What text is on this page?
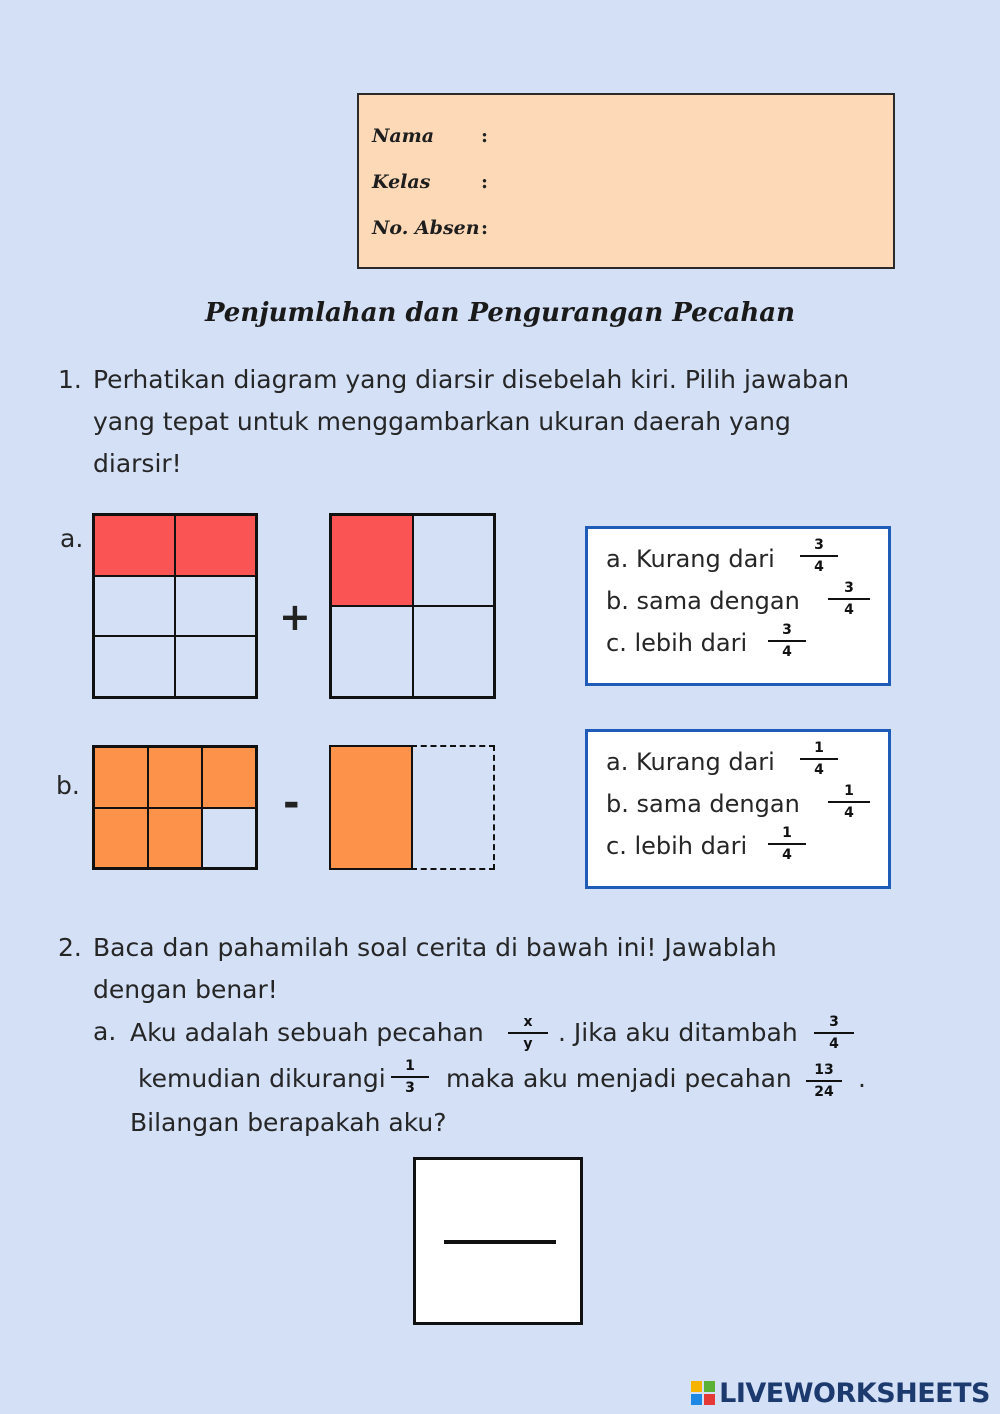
Nama :
Kelas	:
No. Absen :
Penjumlahan dan Pengurangan Pecahan
1. Perhatikan diagram yang diarsir disebelah kiri. Pilih jawaban
yang tepat untuk menggambarkan ukuran daerah yang
diarsir!
a.
+
a. Kurang dari	3
4
b. sama dengan	3
4
c. lebih dari	3
4
b.	-
a. Kurang dari	1
4
b. sama dengan	1
4
c. lebih dari	1
4
2. Baca dan pahamilah soal cerita di bawah ini! Jawablah
dengan benar!
a. Aku adalah sebuah pecahan	x
y . Jika aku ditambah 3
4
kemudian dikurangi 1
3 maka aku menjadi pecahan 13
24 .
Bilangan berapakah aku?
LIVEWORKSHEETS
